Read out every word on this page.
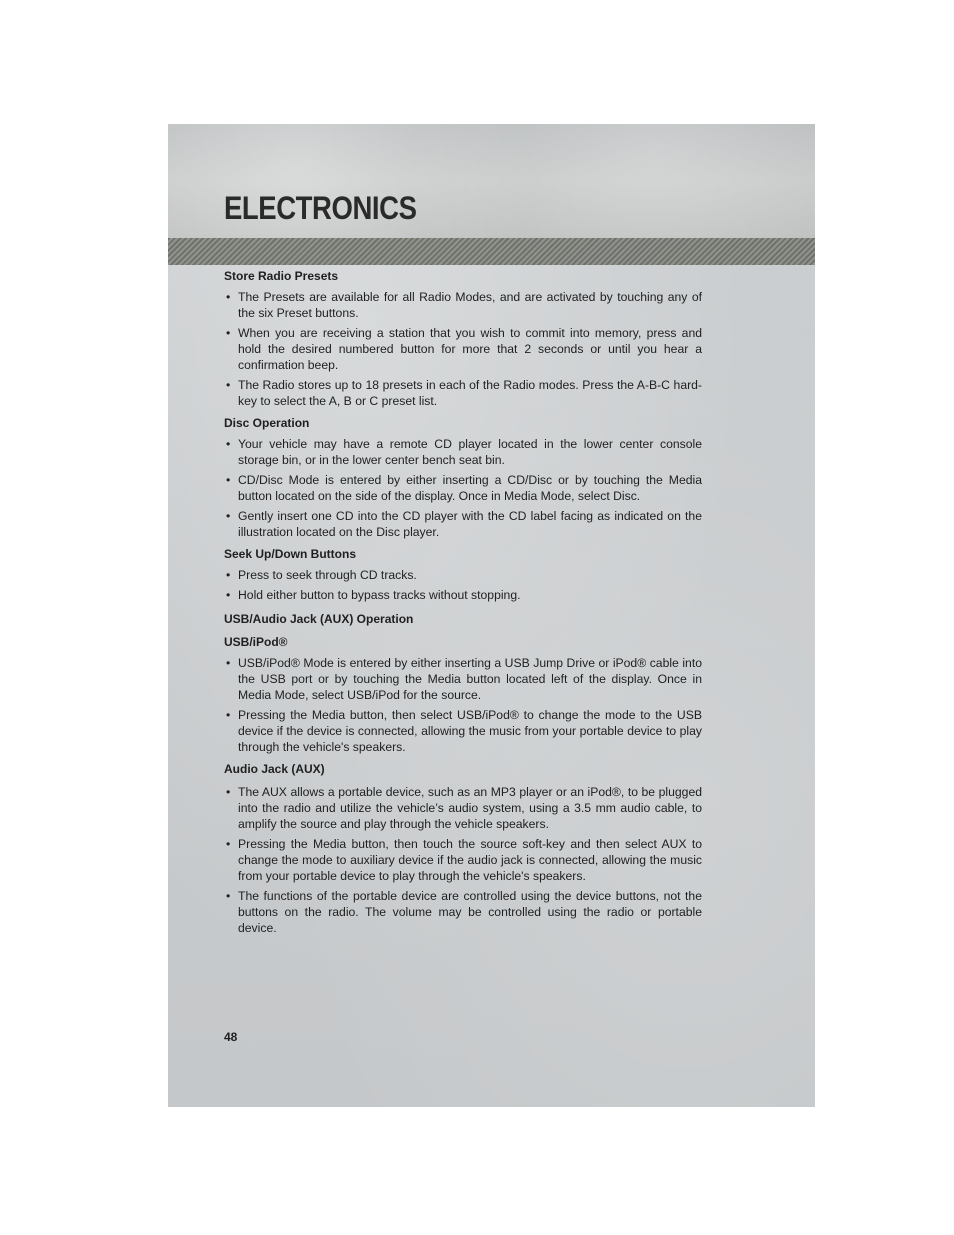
ELECTRONICS

Store Radio Presets

• The Presets are available for all Radio Modes, and are activated by touching any of the six Preset buttons.
• When you are receiving a station that you wish to commit into memory, press and hold the desired numbered button for more that 2 seconds or until you hear a confirmation beep.
• The Radio stores up to 18 presets in each of the Radio modes. Press the A-B-C hard-key to select the A, B or C preset list.

Disc Operation

• Your vehicle may have a remote CD player located in the lower center console storage bin, or in the lower center bench seat bin.
• CD/Disc Mode is entered by either inserting a CD/Disc or by touching the Media button located on the side of the display. Once in Media Mode, select Disc.
• Gently insert one CD into the CD player with the CD label facing as indicated on the illustration located on the Disc player.

Seek Up/Down Buttons

• Press to seek through CD tracks.
• Hold either button to bypass tracks without stopping.

USB/Audio Jack (AUX) Operation

USB/iPod®

• USB/iPod® Mode is entered by either inserting a USB Jump Drive or iPod® cable into the USB port or by touching the Media button located left of the display. Once in Media Mode, select USB/iPod for the source.
• Pressing the Media button, then select USB/iPod® to change the mode to the USB device if the device is connected, allowing the music from your portable device to play through the vehicle's speakers.

Audio Jack (AUX)

• The AUX allows a portable device, such as an MP3 player or an iPod®, to be plugged into the radio and utilize the vehicle’s audio system, using a 3.5 mm audio cable, to amplify the source and play through the vehicle speakers.
• Pressing the Media button, then touch the source soft-key and then select AUX to change the mode to auxiliary device if the audio jack is connected, allowing the music from your portable device to play through the vehicle's speakers.
• The functions of the portable device are controlled using the device buttons, not the buttons on the radio. The volume may be controlled using the radio or portable device.
48
